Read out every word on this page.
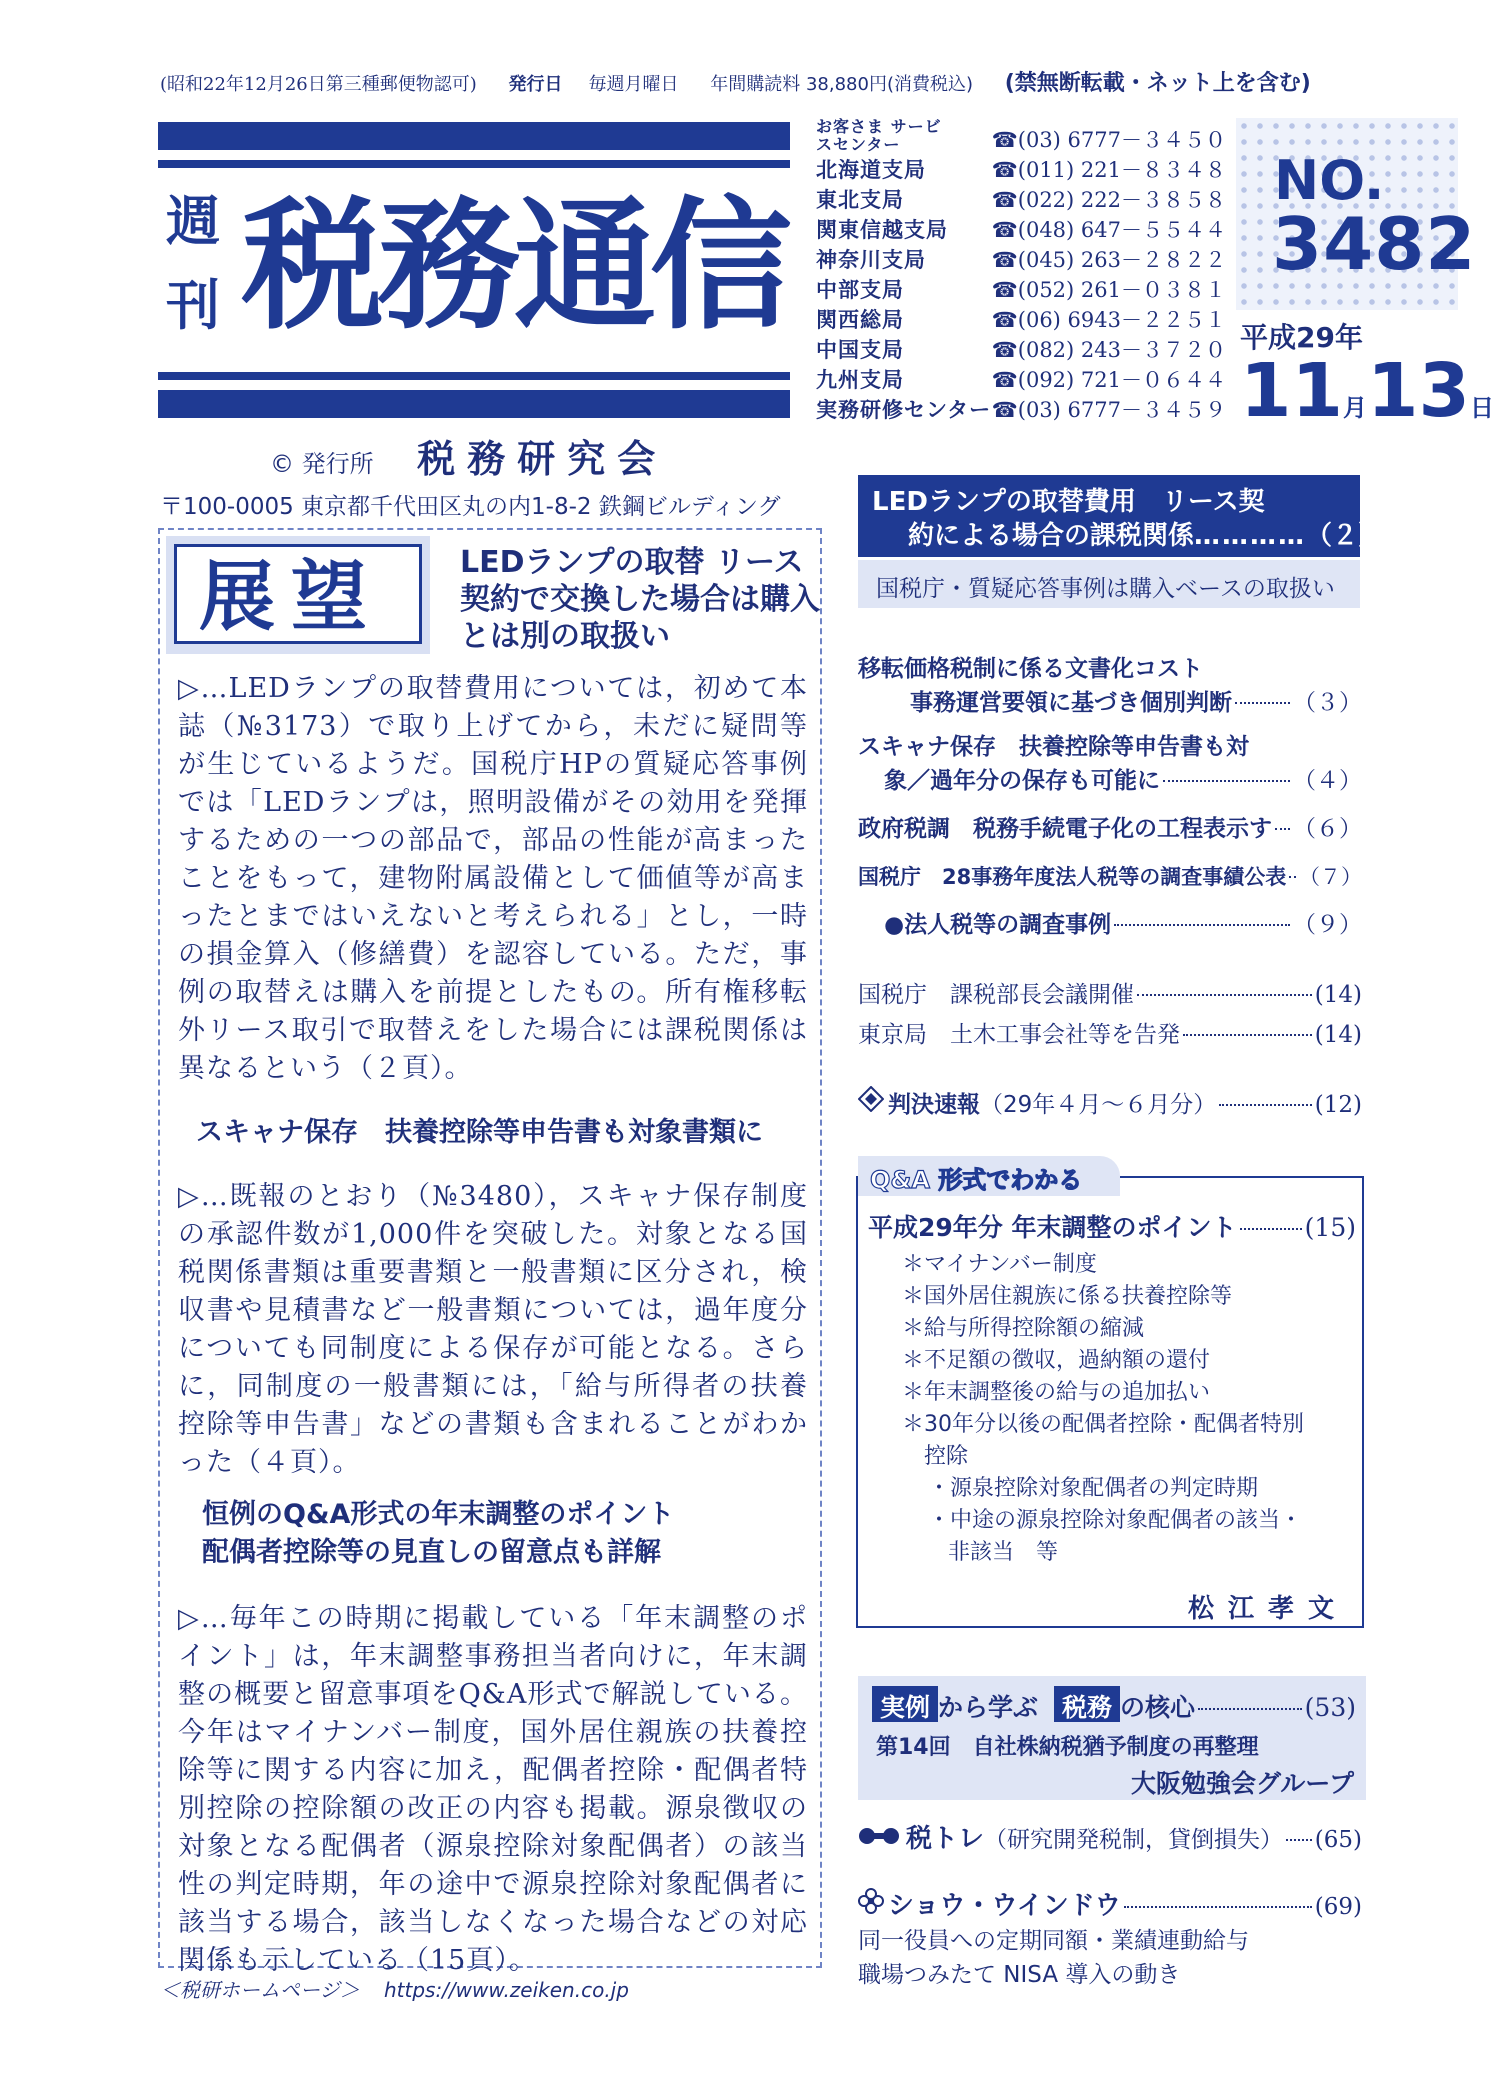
(昭和22年12月26日第三種郵便物認可) 発行日 毎週月曜日 年間購読料 38,880円(消費税込) (禁無断転載・ネット上を含む)
週
刊 税務通信
© 発行所 税務研究会
〒100-0005 東京都千代田区丸の内1-8-2 鉄鋼ビルディング
お客さま サービスセンター	☎(03) 6777－３４５０
北海道支局	☎(011) 221－８３４８
東北支局	☎(022) 222－３８５８
関東信越支局 ☎(048) 647－５５４４
神奈川支局	☎(045) 263－２８２２
中部支局	☎(052) 261－０３８１
関西総局	☎(06) 6943－２２５１
中国支局	☎(082) 243－３７２０
九州支局	☎(092) 721－０６４４
実務研修センター ☎(03) 6777－３４５９
NO.
3482
平成29年
11月13日
展望	LEDランプの取替 リース契約で交換した場合は購入とは別の取扱い
▷…LEDランプの取替費用については，初めて本誌（№3173）で取り上げてから，未だに疑問等が生じているようだ。国税庁HPの質疑応答事例では「LEDランプは，照明設備がその効用を発揮するための一つの部品で，部品の性能が高まったことをもって，建物附属設備として価値等が高まったとまではいえないと考えられる」とし，一時の損金算入（修繕費）を認容している。ただ，事例の取替えは購入を前提としたもの。所有権移転外リース取引で取替えをした場合には課税関係は異なるという（２頁）。
スキャナ保存　扶養控除等申告書も対象書類に
▷…既報のとおり（№3480），スキャナ保存制度の承認件数が1,000件を突破した。対象となる国税関係書類は重要書類と一般書類に区分され，検収書や見積書など一般書類については，過年度分についても同制度による保存が可能となる。さらに，同制度の一般書類には，「給与所得者の扶養控除等申告書」などの書類も含まれることがわかった（４頁）。
恒例のQ&A形式の年末調整のポイント
配偶者控除等の見直しの留意点も詳解
▷…毎年この時期に掲載している「年末調整のポイント」は，年末調整事務担当者向けに，年末調整の概要と留意事項をQ&A形式で解説している。今年はマイナンバー制度，国外居住親族の扶養控除等に関する内容に加え，配偶者控除・配偶者特別控除の控除額の改正の内容も掲載。源泉徴収の対象となる配偶者（源泉控除対象配偶者）の該当性の判定時期，年の途中で源泉控除対象配偶者に該当する場合，該当しなくなった場合などの対応関係も示している（15頁）。
＜税研ホームページ＞ https://www.zeiken.co.jp
LEDランプの取替費用　リース契
約による場合の課税関係…………（２）
国税庁・質疑応答事例は購入ベースの取扱い
移転価格税制に係る文書化コスト
事務運営要領に基づき個別判断	（３）
スキャナ保存　扶養控除等申告書も対
象／過年分の保存も可能に	（４）
政府税調　税務手続電子化の工程表示す （６）
国税庁　28事務年度法人税等の調査事績公表 （７）
●法人税等の調査事例	（９）
国税庁　課税部長会議開催	(14)
東京局　土木工事会社等を告発	(14)
判決速報 （29年４月～６月分）	(12)
Q&A 形式でわかる
平成29年分 年末調整のポイント	(15)
＊マイナンバー制度
＊国外居住親族に係る扶養控除等
＊給与所得控除額の縮減
＊不足額の徴収，過納額の還付
＊年末調整後の給与の追加払い
＊30年分以後の配偶者控除・配偶者特別
控除
・源泉控除対象配偶者の判定時期
・中途の源泉控除対象配偶者の該当・
非該当　等
松江孝文
実例 から学ぶ 税務 の核心	(53)
第14回　自社株納税猶予制度の再整理
大阪勉強会グループ
税トレ （研究開発税制，貸倒損失） (65)
ショウ・ウインドウ	(69)
同一役員への定期同額・業績連動給与
職場つみたて NISA 導入の動き
